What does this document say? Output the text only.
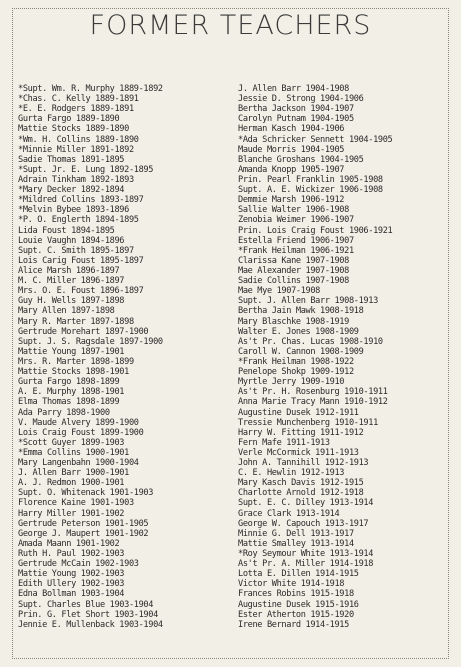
FORMER TEACHERS
*Supt. Wm. R. Murphy 1889-1892
*Chas. C. Kelly 1889-1891
*E. E. Rodgers 1889-1891
Gurta Fargo 1889-1890
Mattie Stocks 1889-1890
*Wm. H. Collins 1889-1890
*Minnie Miller 1891-1892
Sadie Thomas 1891-1895
*Supt. Jr. E. Lung 1892-1895
Adrain Tinkham 1892-1893
*Mary Decker 1892-1894
*Mildred Collins 1893-1897
*Melvin Bybee 1893-1896
*P. O. Englerth 1894-1895
Lida Foust 1894-1895
Louie Vaughn 1894-1896
Supt. C. Smith 1895-1897
Lois Carig Foust 1895-1897
Alice Marsh 1896-1897
M. C. Miller 1896-1897
Mrs. O. E. Foust 1896-1897
Guy H. Wells 1897-1898
Mary Allen 1897-1898
Mary R. Marter 1897-1898
Gertrude Morehart 1897-1900
Supt. J. S. Ragsdale 1897-1900
Mattie Young 1897-1901
Mrs. R. Marter 1898-1899
Mattie Stocks 1898-1901
Gurta Fargo 1898-1899
A. E. Murphy 1898-1901
Elma Thomas 1898-1899
Ada Parry 1898-1900
V. Maude Alvery 1899-1900
Lois Craig Foust 1899-1900
*Scott Guyer 1899-1903
*Emma Collins 1900-1901
Mary Langenbahn 1900-1904
J. Allen Barr 1900-1901
A. J. Redmon 1900-1901
Supt. O. Whitenack 1901-1903
Florence Kaine 1901-1903
Harry Miller 1901-1902
Gertrude Peterson 1901-1905
George J. Maupert 1901-1902
Amada Maann 1901-1902
Ruth H. Paul 1902-1903
Gertrude McCain 1902-1903
Mattie Young 1902-1903
Edith Ullery 1902-1903
Edna Bollman 1903-1904
Supt. Charles Blue 1903-1904
Prin. G. Flet Short 1903-1904
Jennie E. Mullenback 1903-1904
J. Allen Barr 1904-1908
Jessie D. Strong 1904-1906
Bertha Jackson 1904-1907
Carolyn Putnam 1904-1905
Herman Kasch 1904-1906
*Ada Schricker Sennett 1904-1905
Maude Morris 1904-1905
Blanche Groshans 1904-1905
Amanda Knopp 1905-1907
Prin. Pearl Franklin 1905-1908
Supt. A. E. Wickizer 1906-1908
Demmie Marsh 1906-1912
Sallie Walter 1906-1908
Zenobia Weimer 1906-1907
Prin. Lois Craig Foust 1906-1921
Estella Friend 1906-1907
*Frank Heilman 1906-1921
Clarissa Kane 1907-1908
Mae Alexander 1907-1908
Sadie Collins 1907-1908
Mae Mye 1907-1908
Supt. J. Allen Barr 1908-1913
Bertha Jain Mawk 1908-1918
Mary Blaschke 1908-1919
Walter E. Jones 1908-1909
As't Pr. Chas. Lucas 1908-1910
Caroll W. Cannon 1908-1909
*Frank Heilman 1908-1922
Penelope Shokp 1909-1912
Myrtle Jerry 1909-1910
As't Pr. H. Rosenburg 1910-1911
Anna Marie Tracy Mann 1910-1912
Augustine Dusek 1912-1911
Tressie Munchenberg 1910-1911
Harry W. Fitting 1911-1912
Fern Mafe 1911-1913
Verle McCormick 1911-1913
John A. Tannihill 1912-1913
C. E. Hewlin 1912-1913
Mary Kasch Davis 1912-1915
Charlotte Arnold 1912-1918
Supt. E. C. Dilley 1913-1914
Grace Clark 1913-1914
George W. Capouch 1913-1917
Minnie G. Dell 1913-1917
Mattie Smalley 1913-1914
*Roy Seymour White 1913-1914
As't Pr. A. Miller 1914-1918
Lotta E. Dillen 1914-1915
Victor White 1914-1918
Frances Robins 1915-1918
Augustine Dusek 1915-1916
Ester Atherton 1915-1920
Irene Bernard 1914-1915
